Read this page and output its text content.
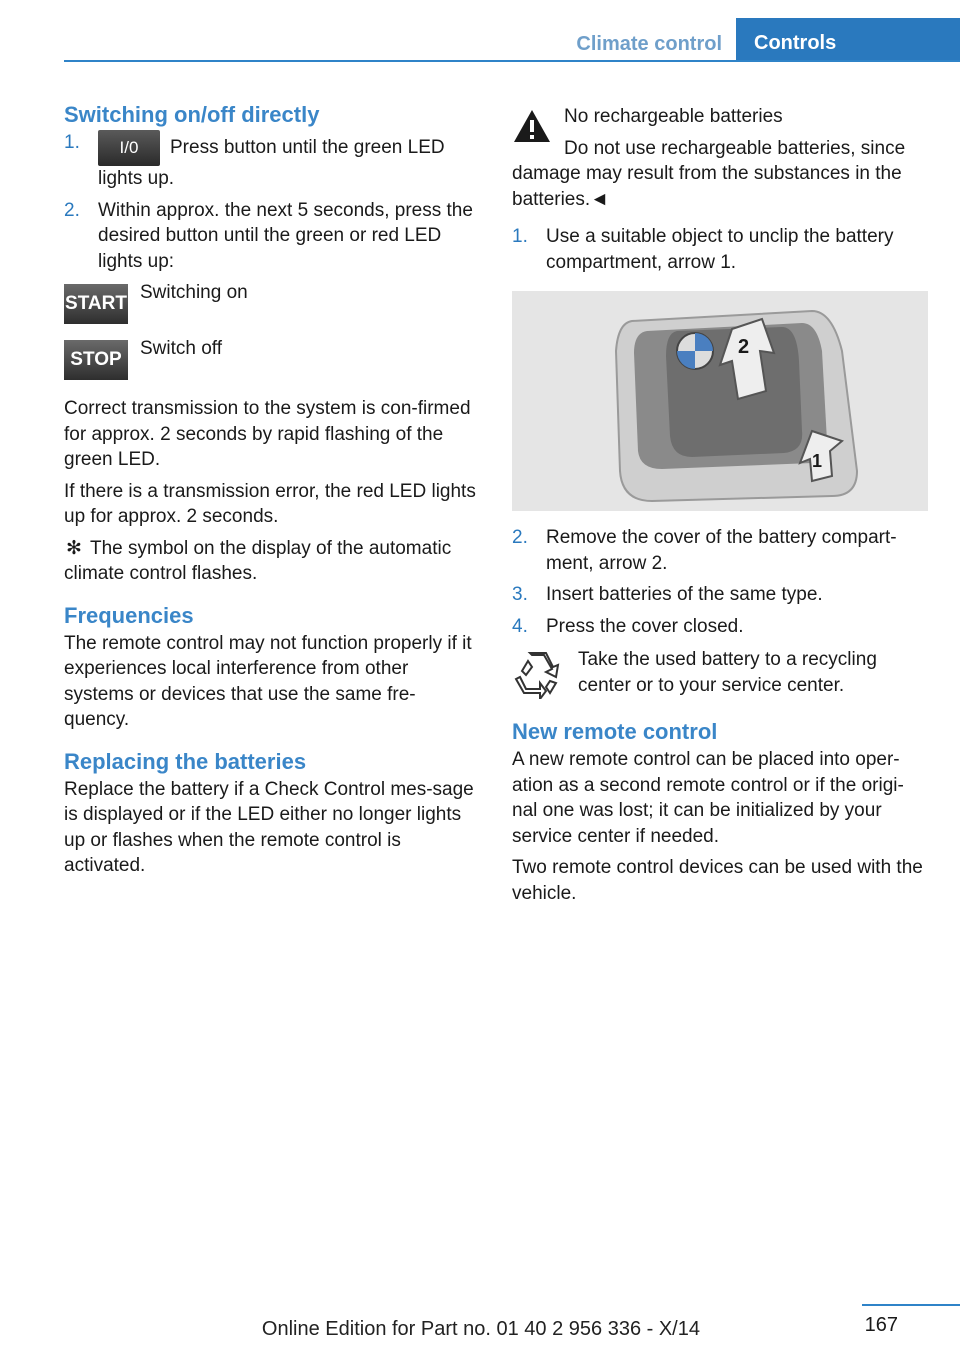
Climate control	Controls
Switching on/off directly
1. I/0 Press button until the green LED lights up.
2. Within approx. the next 5 seconds, press the desired button until the green or red LED lights up:
START
Switching on
STOP
Switch off

Correct transmission to the system is con-firmed for approx. 2 seconds by rapid flashing of the green LED.

If there is a transmission error, the red LED lights up for approx. 2 seconds.

✻ The symbol on the display of the automatic climate control flashes.

Frequencies

The remote control may not function properly if it experiences local interference from other systems or devices that use the same fre-quency.

Replacing the batteries

Replace the battery if a Check Control mes-sage is displayed or if the LED either no longer lights up or flashes when the remote control is activated.

No rechargeable batteries
Do not use rechargeable batteries, since damage may result from the substances in the batteries.◄
1. Use a suitable object to unclip the battery compartment, arrow 1.
2
1
2. Remove the cover of the battery compart-ment, arrow 2.
3. Insert batteries of the same type.
4. Press the cover closed.
Take the used battery to a recycling center or to your service center.
New remote control

A new remote control can be placed into oper-ation as a second remote control or if the origi-nal one was lost; it can be initialized by your service center if needed.

Two remote control devices can be used with the vehicle.

167
Online Edition for Part no. 01 40 2 956 336 - X/14
